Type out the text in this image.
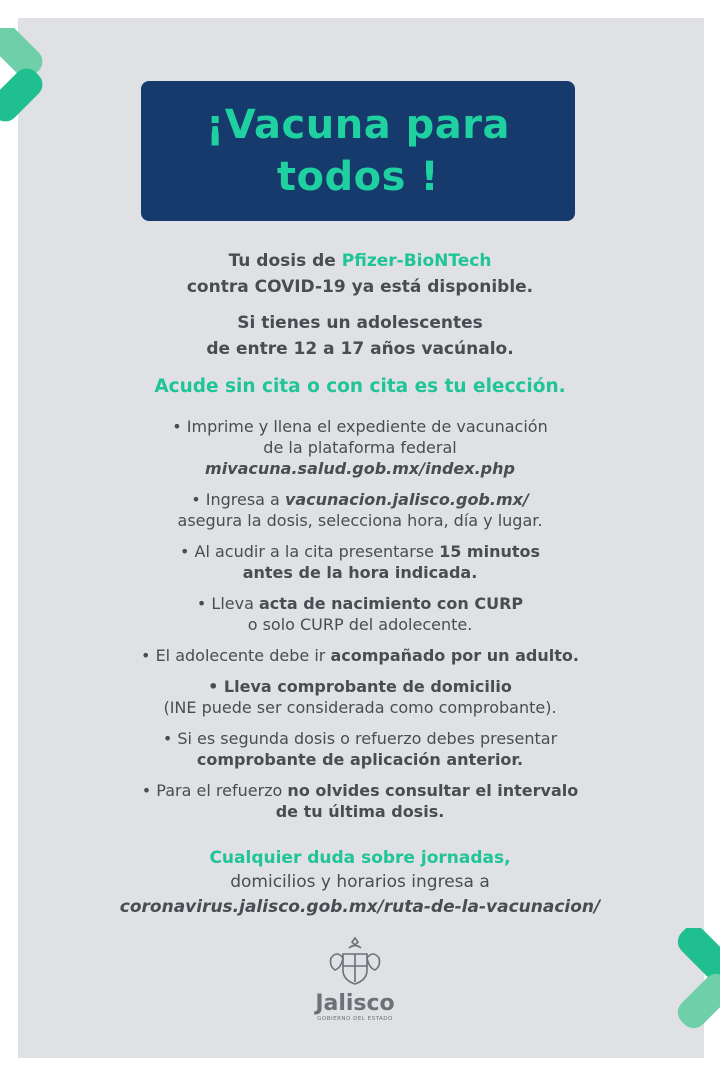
¡Vacuna para
todos !

Tu dosis de Pfizer-BioNTech
contra COVID-19 ya está disponible.

Si tienes un adolescentes
de entre 12 a 17 años vacúnalo.

Acude sin cita o con cita es tu elección.

• Imprime y llena el expediente de vacunación
de la plataforma federal
mivacuna.salud.gob.mx/index.php
• Ingresa a vacunacion.jalisco.gob.mx/
asegura la dosis, selecciona hora, día y lugar.
• Al acudir a la cita presentarse 15 minutos
antes de la hora indicada.
• Lleva acta de nacimiento con CURP
o solo CURP del adolecente.
• El adolecente debe ir acompañado por un adulto.
• Lleva comprobante de domicilio
(INE puede ser considerada como comprobante).
• Si es segunda dosis o refuerzo debes presentar
comprobante de aplicación anterior.
• Para el refuerzo no olvides consultar el intervalo
de tu última dosis.

Cualquier duda sobre jornadas,

domicilios y horarios ingresa a

coronavirus.jalisco.gob.mx/ruta-de-la-vacunacion/

Jalisco
GOBIERNO DEL ESTADO
